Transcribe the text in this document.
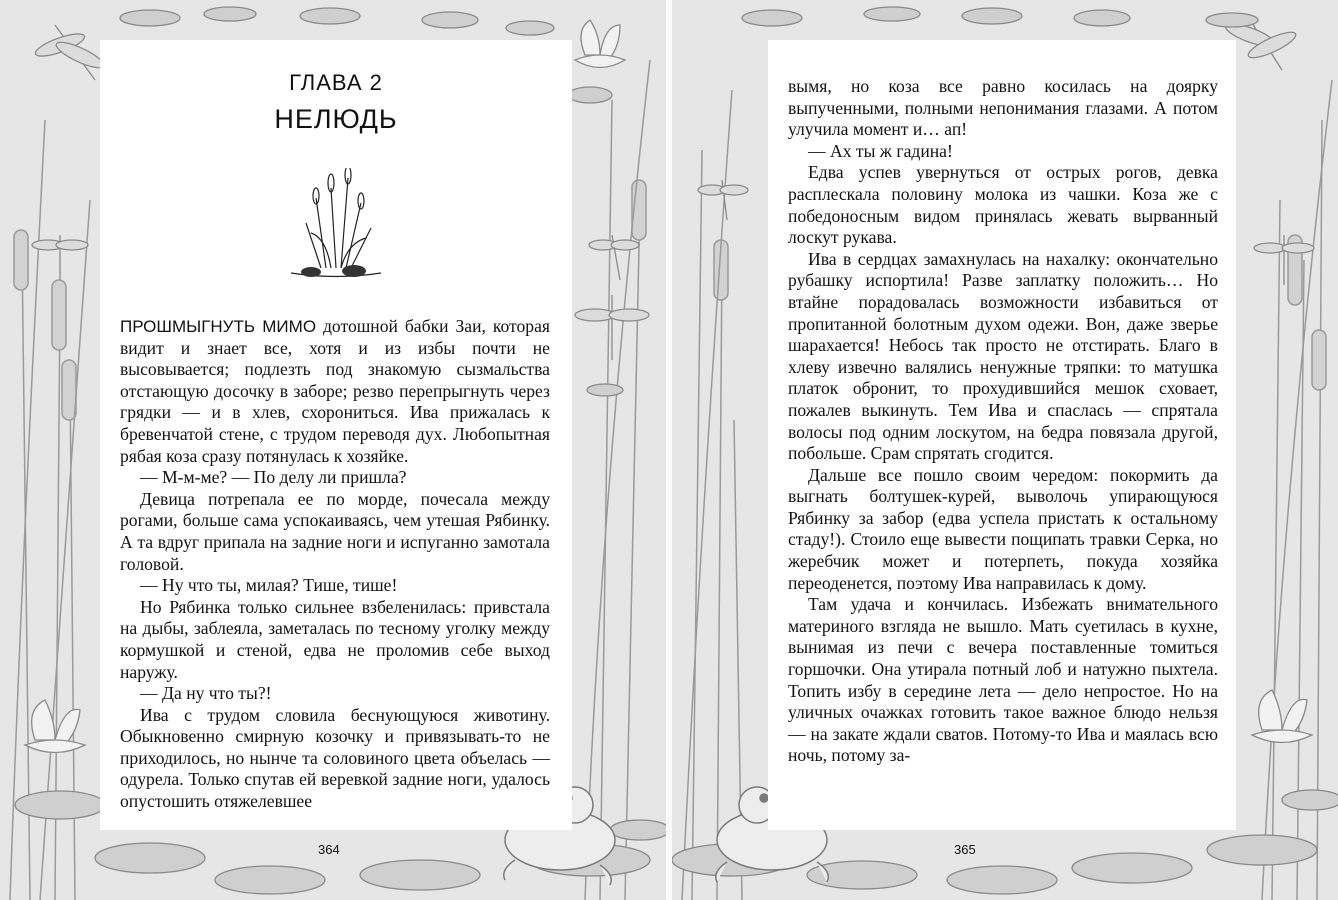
ГЛАВА 2
НЕЛЮДЬ

ПРОШМЫГНУТЬ МИМО дотошной бабки Заи, которая видит и знает все, хотя и из избы почти не высовывается; подлезть под знакомую сызмальства отстающую досочку в заборе; резво перепрыгнуть через грядки — и в хлев, схорониться. Ива прижалась к бревенчатой стене, с трудом переводя дух. Любопытная рябая коза сразу потянулась к хозяйке.

— М-м-ме? — По делу ли пришла?

Девица потрепала ее по морде, почесала между рогами, больше сама успокаиваясь, чем утешая Рябинку. А та вдруг припала на задние ноги и испуганно замотала головой.

— Ну что ты, милая? Тише, тише!

Но Рябинка только сильнее взбеленилась: привстала на дыбы, заблеяла, заметалась по тесному уголку между кормушкой и стеной, едва не проломив себе выход наружу.

— Да ну что ты?!

Ива с трудом словила беснующуюся животину. Обыкновенно смирную козочку и привязывать-то не приходилось, но нынче та соловиного цвета объелась — одурела. Только спутав ей веревкой задние ноги, удалось опустошить отяжелевшее

364

вымя, но коза все равно косилась на доярку выпученными, полными непонимания глазами. А потом улучила момент и… ап!

— Ах ты ж гадина!

Едва успев увернуться от острых рогов, девка расплескала половину молока из чашки. Коза же с победоносным видом принялась жевать вырванный лоскут рукава.

Ива в сердцах замахнулась на нахалку: окончательно рубашку испортила! Разве заплатку положить… Но втайне порадовалась возможности избавиться от пропитанной болотным духом одежи. Вон, даже зверье шарахается! Небось так просто не отстирать. Благо в хлеву извечно валялись ненужные тряпки: то матушка платок обронит, то прохудившийся мешок сховает, пожалев выкинуть. Тем Ива и спаслась — спрятала волосы под одним лоскутом, на бедра повязала другой, побольше. Срам спрятать сгодится.

Дальше все пошло своим чередом: покормить да выгнать болтушек-курей, выволочь упирающуюся Рябинку за забор (едва успела пристать к остальному стаду!). Стоило еще вывести пощипать травки Серка, но жеребчик может и потерпеть, покуда хозяйка переоденется, поэтому Ива направилась к дому.

Там удача и кончилась. Избежать внимательного материного взгляда не вышло. Мать суетилась в кухне, вынимая из печи с вечера поставленные томиться горшочки. Она утирала потный лоб и натужно пыхтела. Топить избу в середине лета — дело непростое. Но на уличных очажках готовить такое важное блюдо нельзя — на закате ждали сватов. Потому-то Ива и маялась всю ночь, потому за-

365
